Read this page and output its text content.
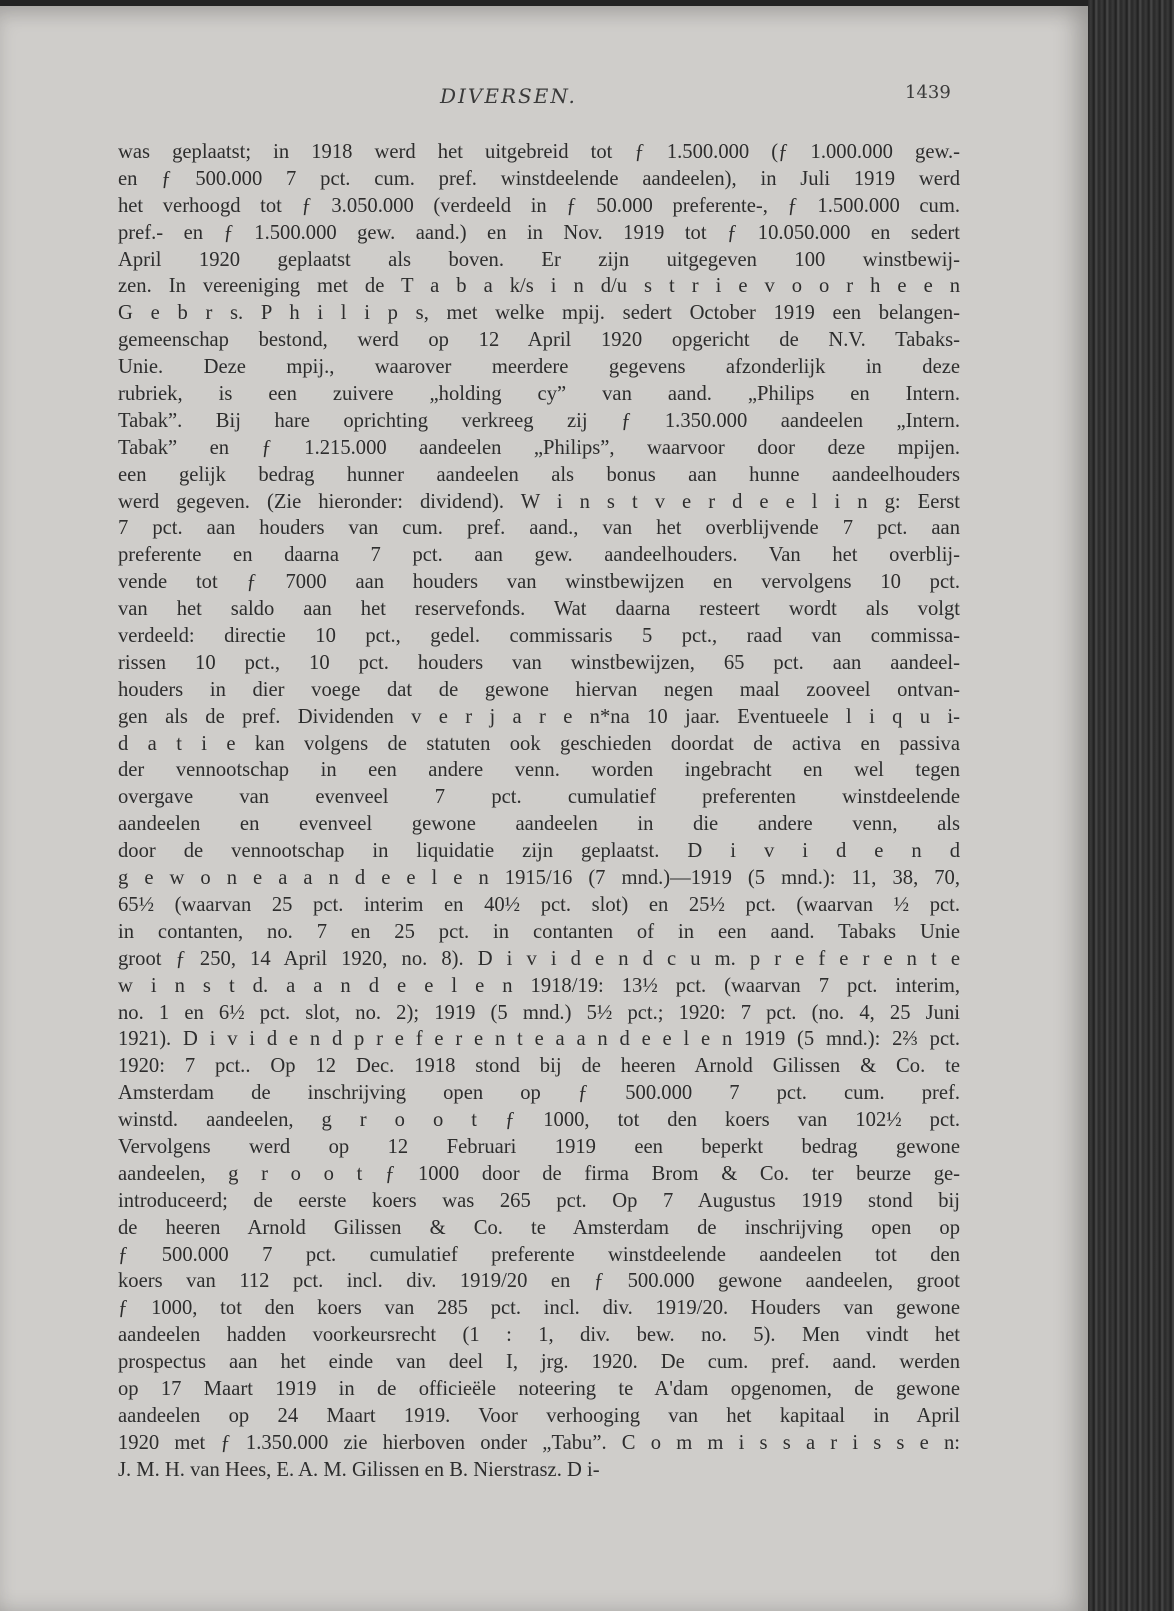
DIVERSEN.	1439
was geplaatst; in 1918 werd het uitgebreid tot ƒ 1.500.000 (ƒ 1.000.000 gew.-
en ƒ 500.000 7 pct. cum. pref. winstdeelende aandeelen), in Juli 1919 werd
het verhoogd tot ƒ 3.050.000 (verdeeld in ƒ 50.000 preferente-, ƒ 1.500.000 cum.
pref.- en ƒ 1.500.000 gew. aand.) en in Nov. 1919 tot ƒ 10.050.000 en sedert
April 1920 geplaatst als boven. Er zijn uitgegeven 100 winstbewij-
zen. In vereeniging met de T a b a k/s i n d/u s t r i e v o o r h e e n
G e b r s. P h i l i p s, met welke mpij. sedert October 1919 een belangen-
gemeenschap bestond, werd op 12 April 1920 opgericht de N.V. Tabaks-
Unie. Deze mpij., waarover meerdere gegevens afzonderlijk in deze
rubriek, is een zuivere „holding cy” van aand. „Philips en Intern.
Tabak”. Bij hare oprichting verkreeg zij ƒ 1.350.000 aandeelen „Intern.
Tabak” en ƒ 1.215.000 aandeelen „Philips”, waarvoor door deze mpijen.
een gelijk bedrag hunner aandeelen als bonus aan hunne aandeelhouders
werd gegeven. (Zie hieronder: dividend). W i n s t v e r d e e l i n g: Eerst
7 pct. aan houders van cum. pref. aand., van het overblijvende 7 pct. aan
preferente en daarna 7 pct. aan gew. aandeelhouders. Van het overblij-
vende tot ƒ 7000 aan houders van winstbewijzen en vervolgens 10 pct.
van het saldo aan het reservefonds. Wat daarna resteert wordt als volgt
verdeeld: directie 10 pct., gedel. commissaris 5 pct., raad van commissa-
rissen 10 pct., 10 pct. houders van winstbewijzen, 65 pct. aan aandeel-
houders in dier voege dat de gewone hiervan negen maal zooveel ontvan-
gen als de pref. Dividenden v e r j a r e n*na 10 jaar. Eventueele l i q u i-
d a t i e kan volgens de statuten ook geschieden doordat de activa en passiva
der vennootschap in een andere venn. worden ingebracht en wel tegen
overgave van evenveel 7 pct. cumulatief preferenten winstdeelende
aandeelen en evenveel gewone aandeelen in die andere venn, als
door de vennootschap in liquidatie zijn geplaatst. D i v i d e n d
g e w o n e a a n d e e l e n 1915/16 (7 mnd.)—1919 (5 mnd.): 11, 38, 70,
65½ (waarvan 25 pct. interim en 40½ pct. slot) en 25½ pct. (waarvan ½ pct.
in contanten, no. 7 en 25 pct. in contanten of in een aand. Tabaks Unie
groot ƒ 250, 14 April 1920, no. 8). D i v i d e n d c u m. p r e f e r e n t e
w i n s t d. a a n d e e l e n 1918/19: 13½ pct. (waarvan 7 pct. interim,
no. 1 en 6½ pct. slot, no. 2); 1919 (5 mnd.) 5½ pct.; 1920: 7 pct. (no. 4, 25 Juni
1921). D i v i d e n d p r e f e r e n t e a a n d e e l e n 1919 (5 mnd.): 2⅔ pct.
1920: 7 pct.. Op 12 Dec. 1918 stond bij de heeren Arnold Gilissen & Co. te
Amsterdam de inschrijving open op ƒ 500.000 7 pct. cum. pref.
winstd. aandeelen, g r o o t ƒ 1000, tot den koers van 102½ pct.
Vervolgens werd op 12 Februari 1919 een beperkt bedrag gewone
aandeelen, g r o o t ƒ 1000 door de firma Brom & Co. ter beurze ge-
introduceerd; de eerste koers was 265 pct. Op 7 Augustus 1919 stond bij
de heeren Arnold Gilissen & Co. te Amsterdam de inschrijving open op
ƒ 500.000 7 pct. cumulatief preferente winstdeelende aandeelen tot den
koers van 112 pct. incl. div. 1919/20 en ƒ 500.000 gewone aandeelen, groot
ƒ 1000, tot den koers van 285 pct. incl. div. 1919/20. Houders van gewone
aandeelen hadden voorkeursrecht (1 : 1, div. bew. no. 5). Men vindt het
prospectus aan het einde van deel I, jrg. 1920. De cum. pref. aand. werden
op 17 Maart 1919 in de officieële noteering te A'dam opgenomen, de gewone
aandeelen op 24 Maart 1919. Voor verhooging van het kapitaal in April
1920 met ƒ 1.350.000 zie hierboven onder „Tabu”. C o m m i s s a r i s s e n:
J. M. H. van Hees, E. A. M. Gilissen en B. Nierstrasz. D i-
